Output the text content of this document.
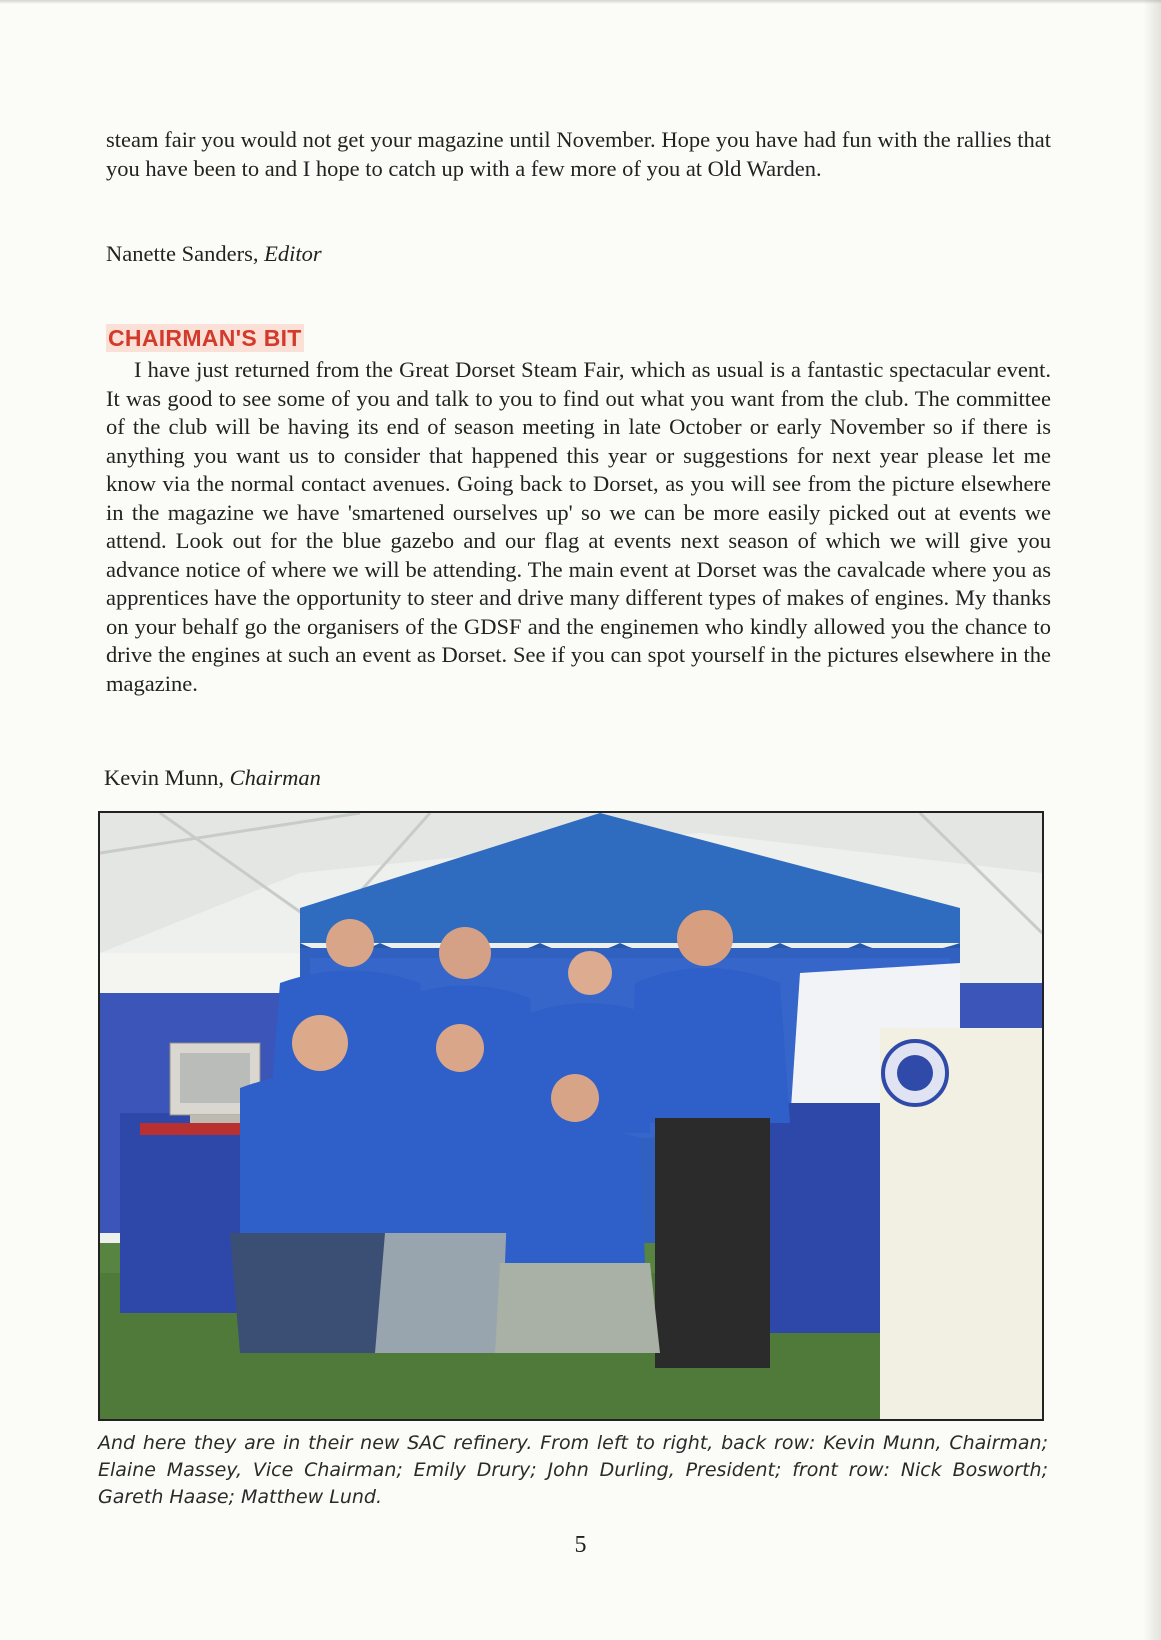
steam fair you would not get your magazine until November. Hope you have had fun with the rallies that you have been to and I hope to catch up with a few more of you at Old Warden.

Nanette Sanders, Editor
CHAIRMAN'S BIT

I have just returned from the Great Dorset Steam Fair, which as usual is a fantastic spectacular event. It was good to see some of you and talk to you to find out what you want from the club. The committee of the club will be having its end of season meeting in late October or early November so if there is anything you want us to consider that happened this year or suggestions for next year please let me know via the normal contact avenues. Going back to Dorset, as you will see from the picture elsewhere in the magazine we have 'smartened ourselves up' so we can be more easily picked out at events we attend. Look out for the blue gazebo and our flag at events next season of which we will give you advance notice of where we will be attending. The main event at Dorset was the cavalcade where you as apprentices have the opportunity to steer and drive many different types of makes of engines. My thanks on your behalf go the organisers of the GDSF and the enginemen who kindly allowed you the chance to drive the engines at such an event as Dorset. See if you can spot yourself in the pictures elsewhere in the magazine.

Kevin Munn, Chairman

And here they are in their new SAC refinery. From left to right, back row: Kevin Munn, Chairman; Elaine Massey, Vice Chairman; Emily Drury; John Durling, President; front row: Nick Bosworth; Gareth Haase; Matthew Lund.

5
